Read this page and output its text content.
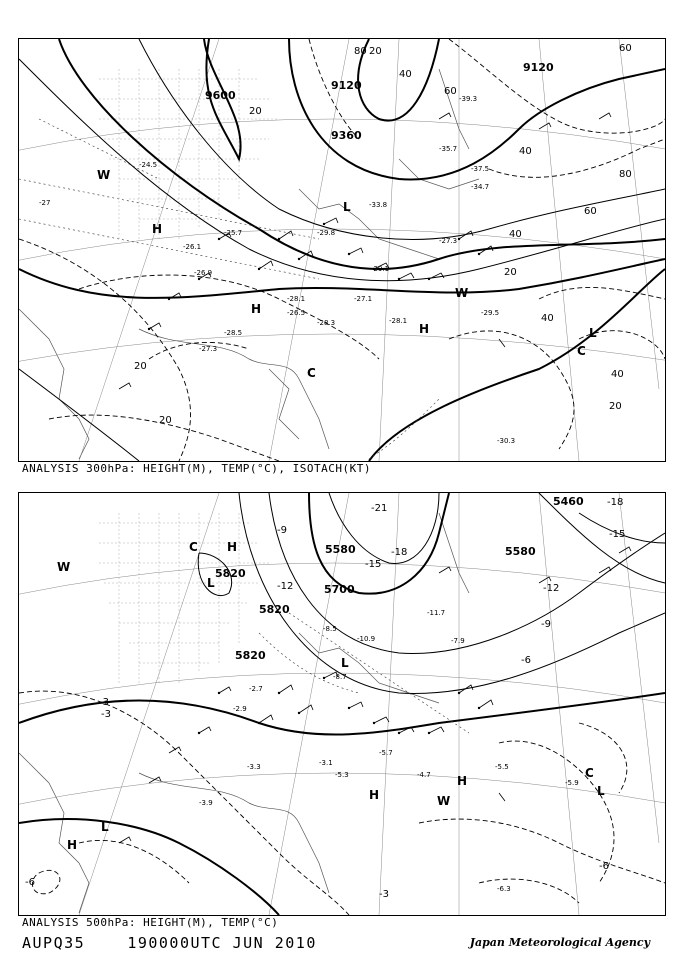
9600
9120
9360
9120
80
60
40
20
20
20
40
60
80
40
20
40
20
60
40
20
H
H
H
L
L
C
W
W
C
-27
-24.5
-26.1
-26.9
-25.7
-27.3
-28.5
-28.1
-26.5
-28.3
-27.1
-29.1
-28.1
-29.5
-30.3
-39.3
-35.7
-37.5
-34.7
-33.8
-29.8
-27.3
ANALYSIS 300hPa: HEIGHT(M), TEMP(°C), ISOTACH(KT)
5820
5820
5820
5580
5700
5580
5460
-18
-15
-12
-9
-6
-3
-21
-18
-15
-12
-9
-6
-3
-6
-3
H
L
L
H
H
L
C
H
W
W
C
L
-11.7
-10.9
-8.5
-8.7
-7.9
-5.5
-5.7
-4.7
-3.3
-3.9
-2.9
-2.7
-3.1
-5.3
-6.3
-5.9
ANALYSIS 500hPa: HEIGHT(M), TEMP(°C)
AUPQ35	190000UTC JUN 2010	Japan Meteorological Agency
